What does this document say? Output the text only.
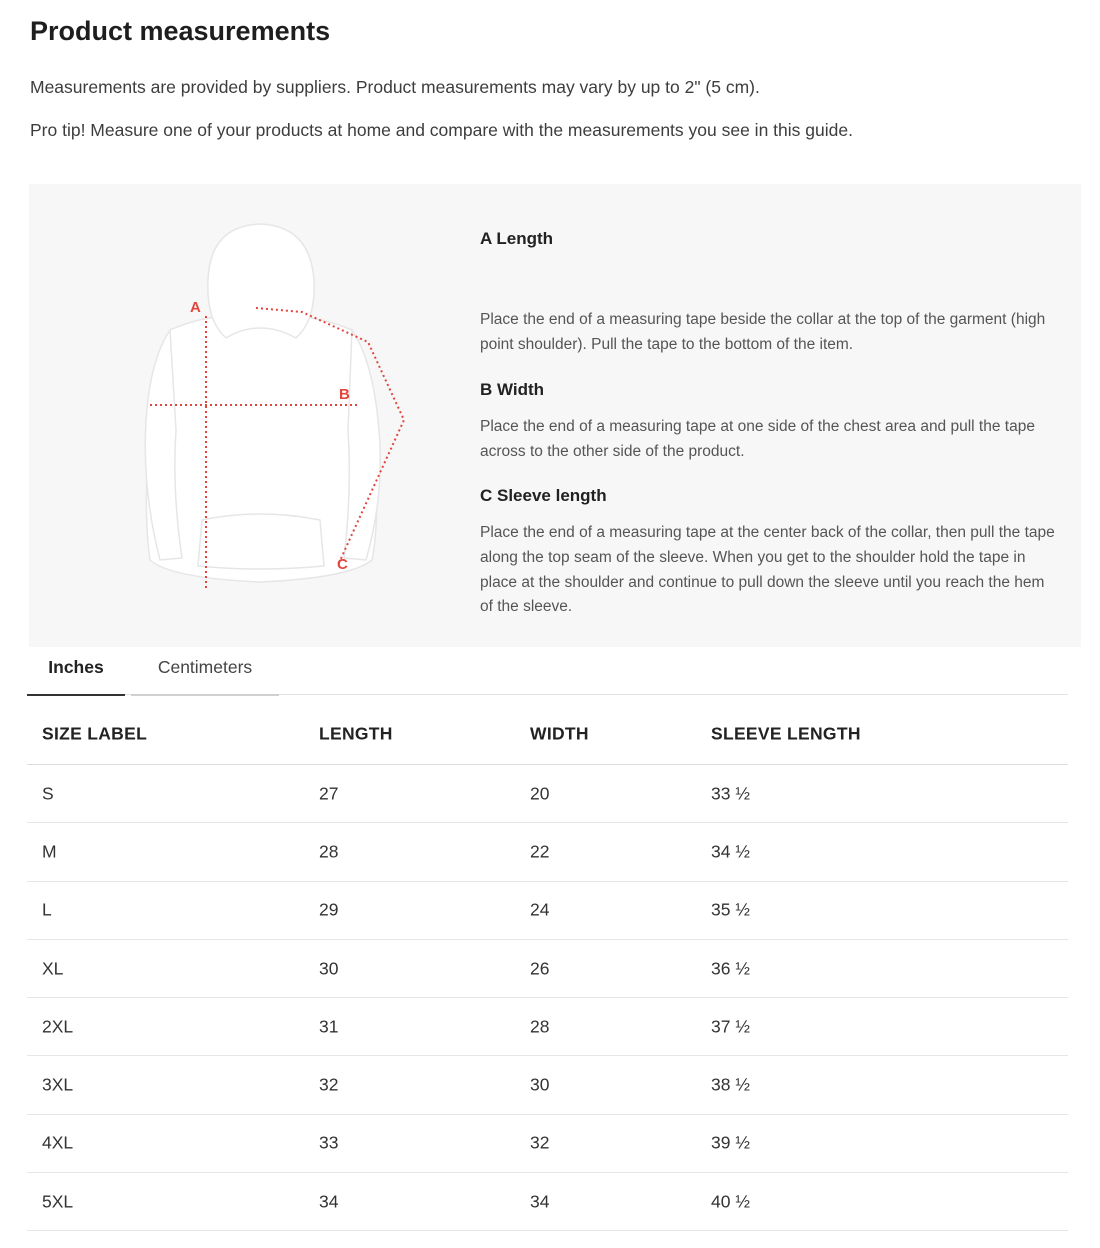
Product measurements
Measurements are provided by suppliers. Product measurements may vary by up to 2" (5 cm).
Pro tip! Measure one of your products at home and compare with the measurements you see in this guide.
A
B
C
A Length
Place the end of a measuring tape beside the collar at the top of the garment (high point shoulder). Pull the tape to the bottom of the item.
B Width
Place the end of a measuring tape at one side of the chest area and pull the tape across to the other side of the product.
C Sleeve length
Place the end of a measuring tape at the center back of the collar, then pull the tape along the top seam of the sleeve. When you get to the shoulder hold the tape in place at the shoulder and continue to pull down the sleeve until you reach the hem of the sleeve.
Inches	Centimeters
SIZE LABEL	LENGTH	WIDTH	SLEEVE LENGTH
S	27	20	33 ½
M	28	22	34 ½
L	29	24	35 ½
XL	30	26	36 ½
2XL	31	28	37 ½
3XL	32	30	38 ½
4XL	33	32	39 ½
5XL	34	34	40 ½
